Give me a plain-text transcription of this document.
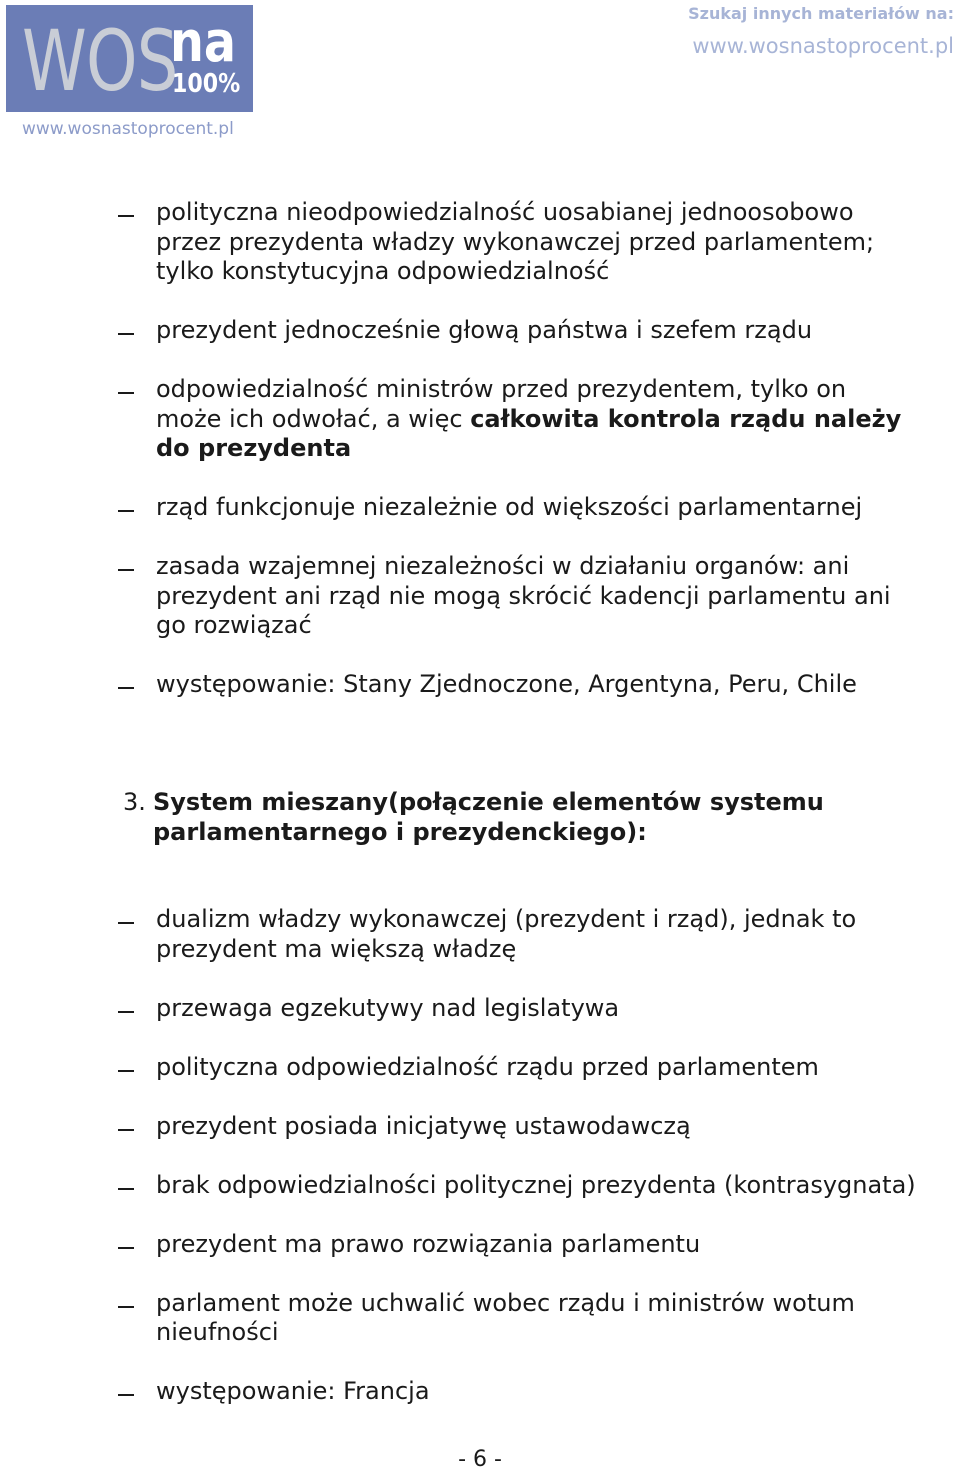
WOS
na
100%
www.wosnastoprocent.pl
Szukaj innych materiałów na:
www.wosnastoprocent.pl
polityczna nieodpowiedzialność uosabianej jednoosobowo
przez prezydenta władzy wykonawczej przed parlamentem;
tylko konstytucyjna odpowiedzialność
prezydent jednocześnie głową państwa i szefem rządu
odpowiedzialność ministrów przed prezydentem, tylko on
może ich odwołać, a więc całkowita kontrola rządu należy
do prezydenta
rząd funkcjonuje niezależnie od większości parlamentarnej
zasada wzajemnej niezależności w działaniu organów: ani
prezydent ani rząd nie mogą skrócić kadencji parlamentu ani
go rozwiązać
występowanie: Stany Zjednoczone, Argentyna, Peru, Chile
3. System mieszany(połączenie elementów systemu
parlamentarnego i prezydenckiego):
dualizm władzy wykonawczej (prezydent i rząd), jednak to
prezydent ma większą władzę
przewaga egzekutywy nad legislatywa
polityczna odpowiedzialność rządu przed parlamentem
prezydent posiada inicjatywę ustawodawczą
brak odpowiedzialności politycznej prezydenta (kontrasygnata)
prezydent ma prawo rozwiązania parlamentu
parlament może uchwalić wobec rządu i ministrów wotum
nieufności
występowanie: Francja
- 6 -
